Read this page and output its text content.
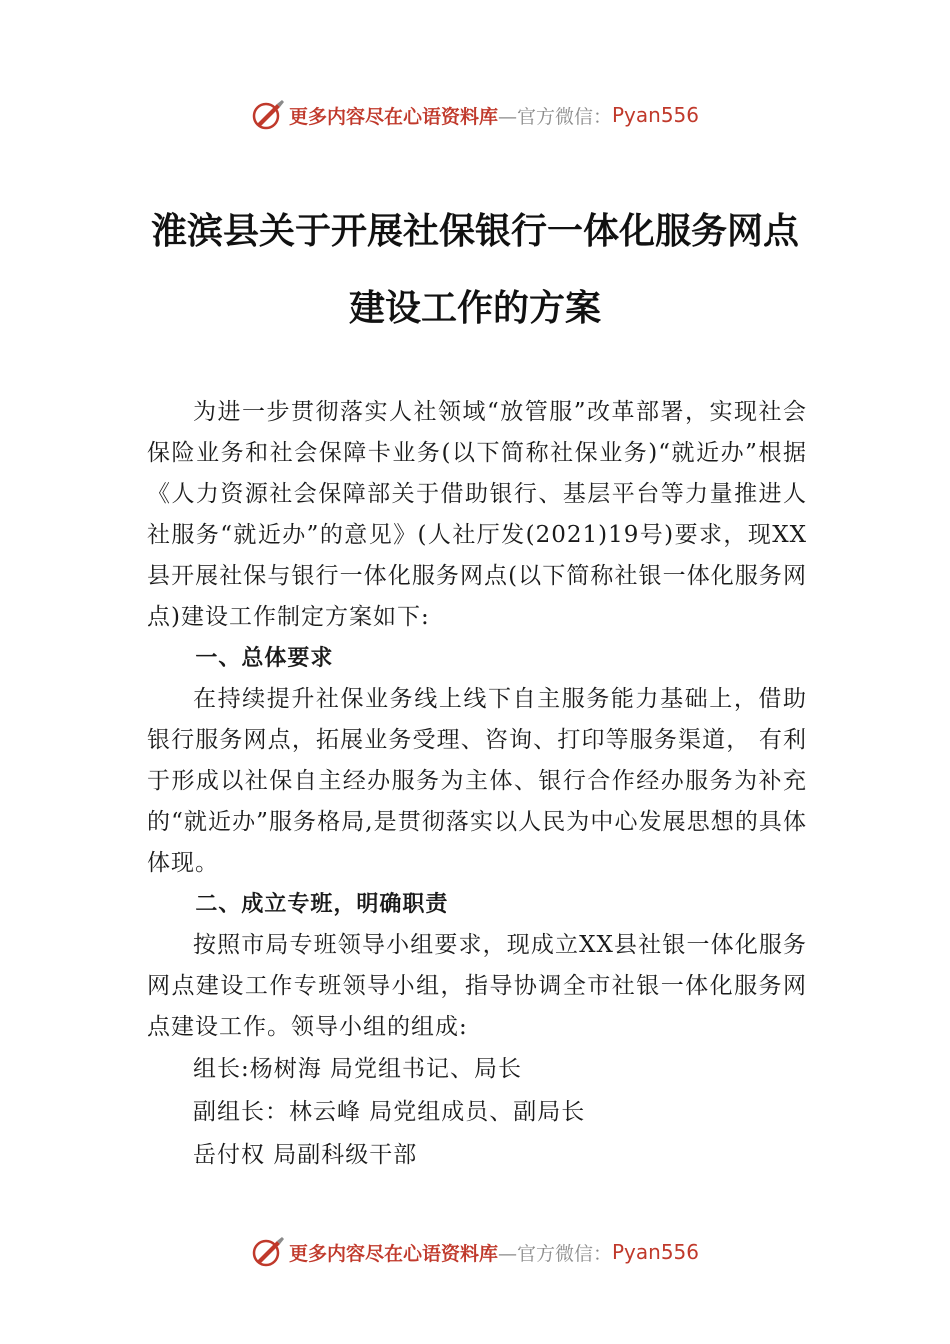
更多内容尽在心语资料库 —官方微信： Pyan556
淮滨县关于开展社保银行一体化服务网点
建设工作的方案

为进一步贯彻落实人社领域“放管服”改革部署，实现社会保险业务和社会保障卡业务(以下简称社保业务)“就近办”根据《人力资源社会保障部关于借助银行、基层平台等力量推进人社服务“就近办”的意见》(人社厅发(2021)19号)要求，现XX县开展社保与银行一体化服务网点(以下简称社银一体化服务网点)建设工作制定方案如下:

一、总体要求

在持续提升社保业务线上线下自主服务能力基础上，借助银行服务网点，拓展业务受理、咨询、打印等服务渠道， 有利于形成以社保自主经办服务为主体、银行合作经办服务为补充的“就近办”服务格局,是贯彻落实以人民为中心发展思想的具体体现。

二、成立专班，明确职责

按照市局专班领导小组要求，现成立XX县社银一体化服务网点建设工作专班领导小组，指导协调全市社银一体化服务网点建设工作。领导小组的组成:

组长:杨树海 局党组书记、局长

副组长：林云峰 局党组成员、副局长

岳付权 局副科级干部

更多内容尽在心语资料库 —官方微信： Pyan556
